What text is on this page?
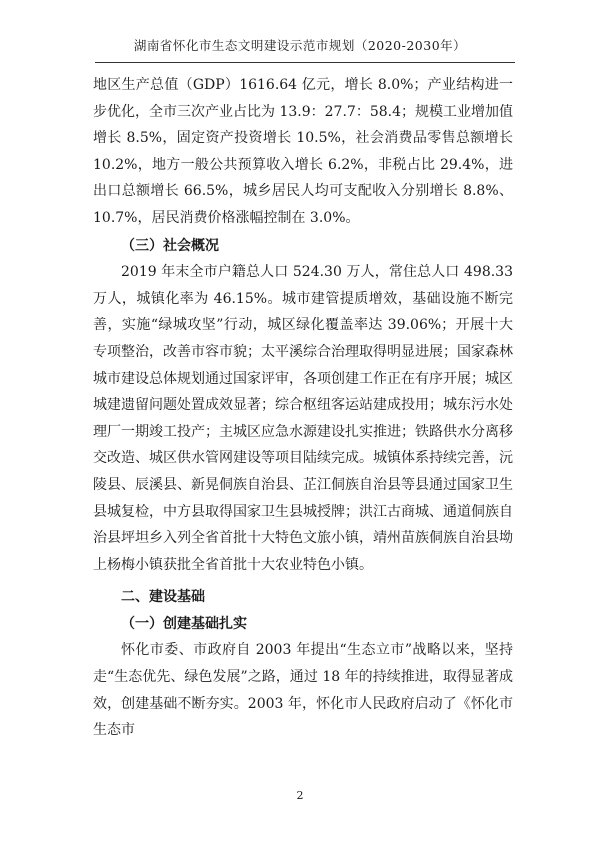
湖南省怀化市生态文明建设示范市规划（2020-2030年）

地区生产总值（GDP）1616.64 亿元，增长 8.0%；产业结构进一步优化，全市三次产业占比为 13.9：27.7：58.4；规模工业增加值增长 8.5%，固定资产投资增长 10.5%，社会消费品零售总额增长 10.2%，地方一般公共预算收入增长 6.2%，非税占比 29.4%，进出口总额增长 66.5%，城乡居民人均可支配收入分别增长 8.8%、10.7%，居民消费价格涨幅控制在 3.0%。

（三）社会概况

2019 年末全市户籍总人口 524.30 万人，常住总人口 498.33 万人，城镇化率为 46.15%。城市建管提质增效，基础设施不断完善，实施“绿城攻坚”行动，城区绿化覆盖率达 39.06%；开展十大专项整治，改善市容市貌；太平溪综合治理取得明显进展；国家森林城市建设总体规划通过国家评审，各项创建工作正在有序开展；城区城建遗留问题处置成效显著；综合枢纽客运站建成投用；城东污水处理厂一期竣工投产；主城区应急水源建设扎实推进；铁路供水分离移交改造、城区供水管网建设等项目陆续完成。城镇体系持续完善，沅陵县、辰溪县、新晃侗族自治县、芷江侗族自治县等县通过国家卫生县城复检，中方县取得国家卫生县城授牌；洪江古商城、通道侗族自治县坪坦乡入列全省首批十大特色文旅小镇，靖州苗族侗族自治县坳上杨梅小镇获批全省首批十大农业特色小镇。

二、建设基础

（一）创建基础扎实

怀化市委、市政府自 2003 年提出“生态立市”战略以来，坚持走“生态优先、绿色发展”之路，通过 18 年的持续推进，取得显著成效，创建基础不断夯实。2003 年，怀化市人民政府启动了《怀化市生态市

2
